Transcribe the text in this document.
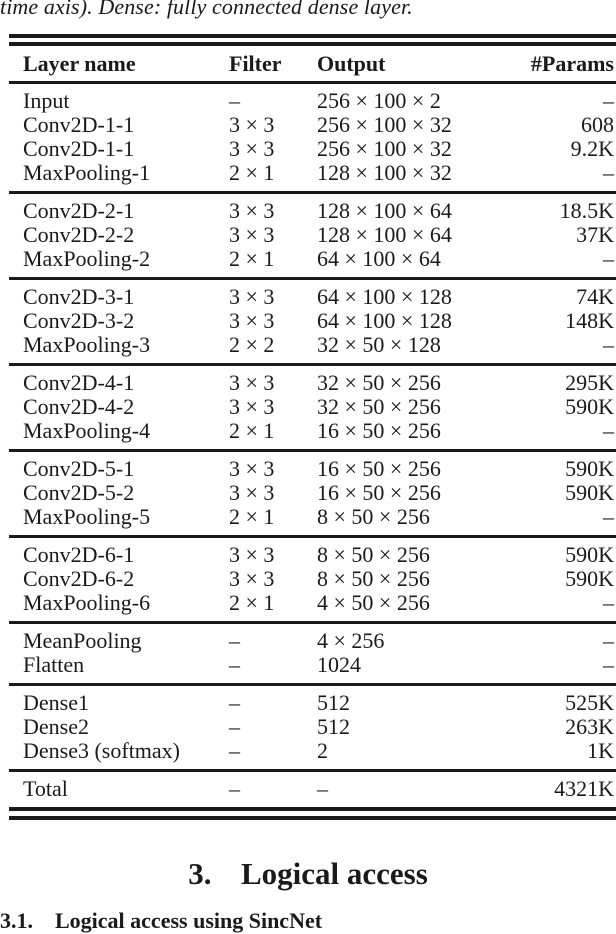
time axis). Dense: fully connected dense layer.
Layer name	Filter	Output	#Params
Input	–	256 × 100 × 2	–
Conv2D-1-1	3 × 3	256 × 100 × 32	608
Conv2D-1-1	3 × 3	256 × 100 × 32	9.2K
MaxPooling-1	2 × 1	128 × 100 × 32	–
Conv2D-2-1	3 × 3	128 × 100 × 64	18.5K
Conv2D-2-2	3 × 3	128 × 100 × 64	37K
MaxPooling-2	2 × 1	64 × 100 × 64	–
Conv2D-3-1	3 × 3	64 × 100 × 128	74K
Conv2D-3-2	3 × 3	64 × 100 × 128	148K
MaxPooling-3	2 × 2	32 × 50 × 128	–
Conv2D-4-1	3 × 3	32 × 50 × 256	295K
Conv2D-4-2	3 × 3	32 × 50 × 256	590K
MaxPooling-4	2 × 1	16 × 50 × 256	–
Conv2D-5-1	3 × 3	16 × 50 × 256	590K
Conv2D-5-2	3 × 3	16 × 50 × 256	590K
MaxPooling-5	2 × 1	8 × 50 × 256	–
Conv2D-6-1	3 × 3	8 × 50 × 256	590K
Conv2D-6-2	3 × 3	8 × 50 × 256	590K
MaxPooling-6	2 × 1	4 × 50 × 256	–
MeanPooling	–	4 × 256	–
Flatten	–	1024	–
Dense1	–	512	525K
Dense2	–	512	263K
Dense3 (softmax)	–	2	1K
Total	–	–	4321K
3. Logical access
3.1. Logical access using SincNet
